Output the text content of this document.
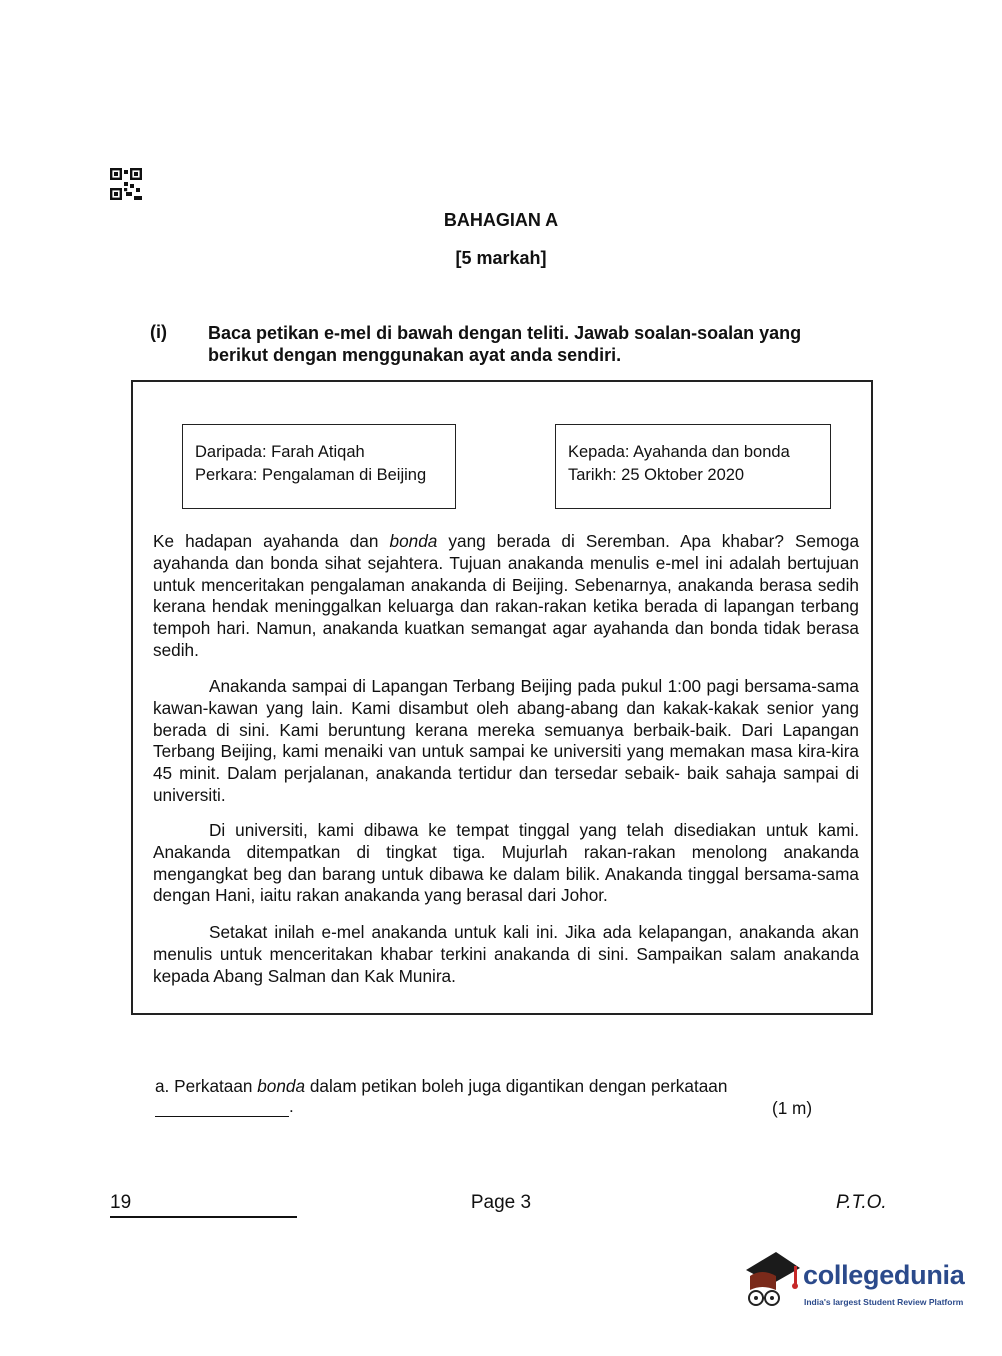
BAHAGIAN A
[5 markah]
(i) Baca petikan e-mel di bawah dengan teliti. Jawab soalan-soalan yang berikut dengan menggunakan ayat anda sendiri.
Daripada: Farah Atiqah
Perkara: Pengalaman di Beijing
Kepada: Ayahanda dan bonda
Tarikh: 25 Oktober 2020
Ke hadapan ayahanda dan bonda yang berada di Seremban. Apa khabar? Semoga ayahanda dan bonda sihat sejahtera. Tujuan anakanda menulis e-mel ini adalah bertujuan untuk menceritakan pengalaman anakanda di Beijing. Sebenarnya, anakanda berasa sedih kerana hendak meninggalkan keluarga dan rakan-rakan ketika berada di lapangan terbang tempoh hari. Namun, anakanda kuatkan semangat agar ayahanda dan bonda tidak berasa sedih.
Anakanda sampai di Lapangan Terbang Beijing pada pukul 1:00 pagi bersama-sama kawan-kawan yang lain. Kami disambut oleh abang-abang dan kakak-kakak senior yang berada di sini. Kami beruntung kerana mereka semuanya berbaik-baik. Dari Lapangan Terbang Beijing, kami menaiki van untuk sampai ke universiti yang memakan masa kira-kira 45 minit. Dalam perjalanan, anakanda tertidur dan tersedar sebaik- baik sahaja sampai di universiti.
Di universiti, kami dibawa ke tempat tinggal yang telah disediakan untuk kami. Anakanda ditempatkan di tingkat tiga. Mujurlah rakan-rakan menolong anakanda mengangkat beg dan barang untuk dibawa ke dalam bilik. Anakanda tinggal bersama-sama dengan Hani, iaitu rakan anakanda yang berasal dari Johor.
Setakat inilah e-mel anakanda untuk kali ini. Jika ada kelapangan, anakanda akan menulis untuk menceritakan khabar terkini anakanda di sini. Sampaikan salam anakanda kepada Abang Salman dan Kak Munira.
a. Perkataan bonda dalam petikan boleh juga digantikan dengan perkataan
.	(1 m)
19	Page 3	P.T.O.
collegedunia
India's largest Student Review Platform
